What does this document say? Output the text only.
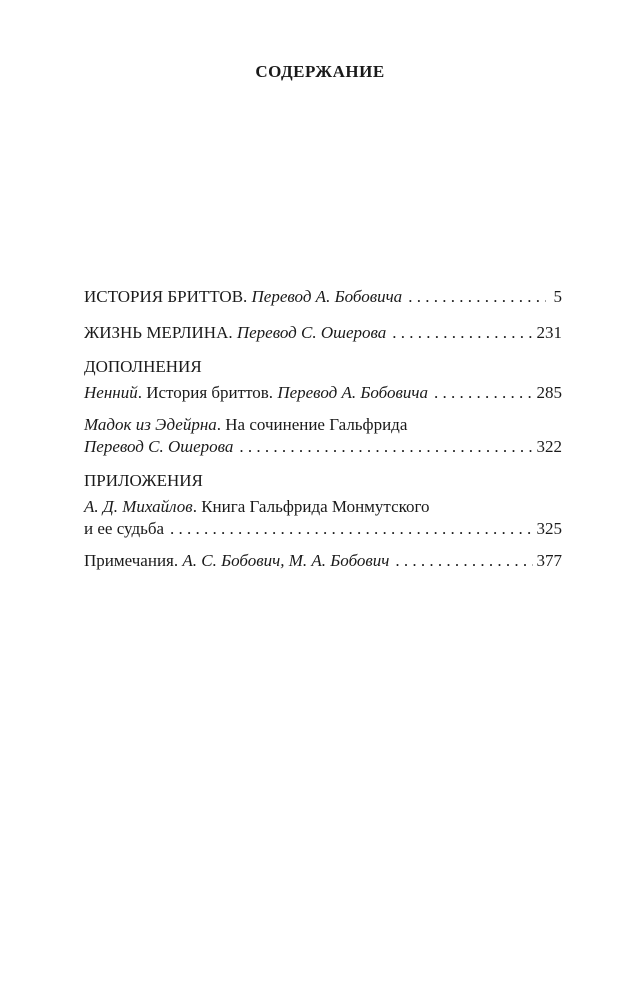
СОДЕРЖАНИЕ
ИСТОРИЯ БРИТТОВ. Перевод А. Бобовича . . .	5
ЖИЗНЬ МЕРЛИНА. Перевод С. Ошерова . . .	231
ДОПОЛНЕНИЯ
Ненний. История бриттов. Перевод А. Бобовича . . .	285
Мадок из Эдейрна. На сочинение Гальфрида
Перевод С. Ошерова . . .	322
ПРИЛОЖЕНИЯ
А. Д. Михайлов. Книга Гальфрида Монмутского
и ее судьба . . .	325
Примечания. А. С. Бобович, М. А. Бобович . . .	377
